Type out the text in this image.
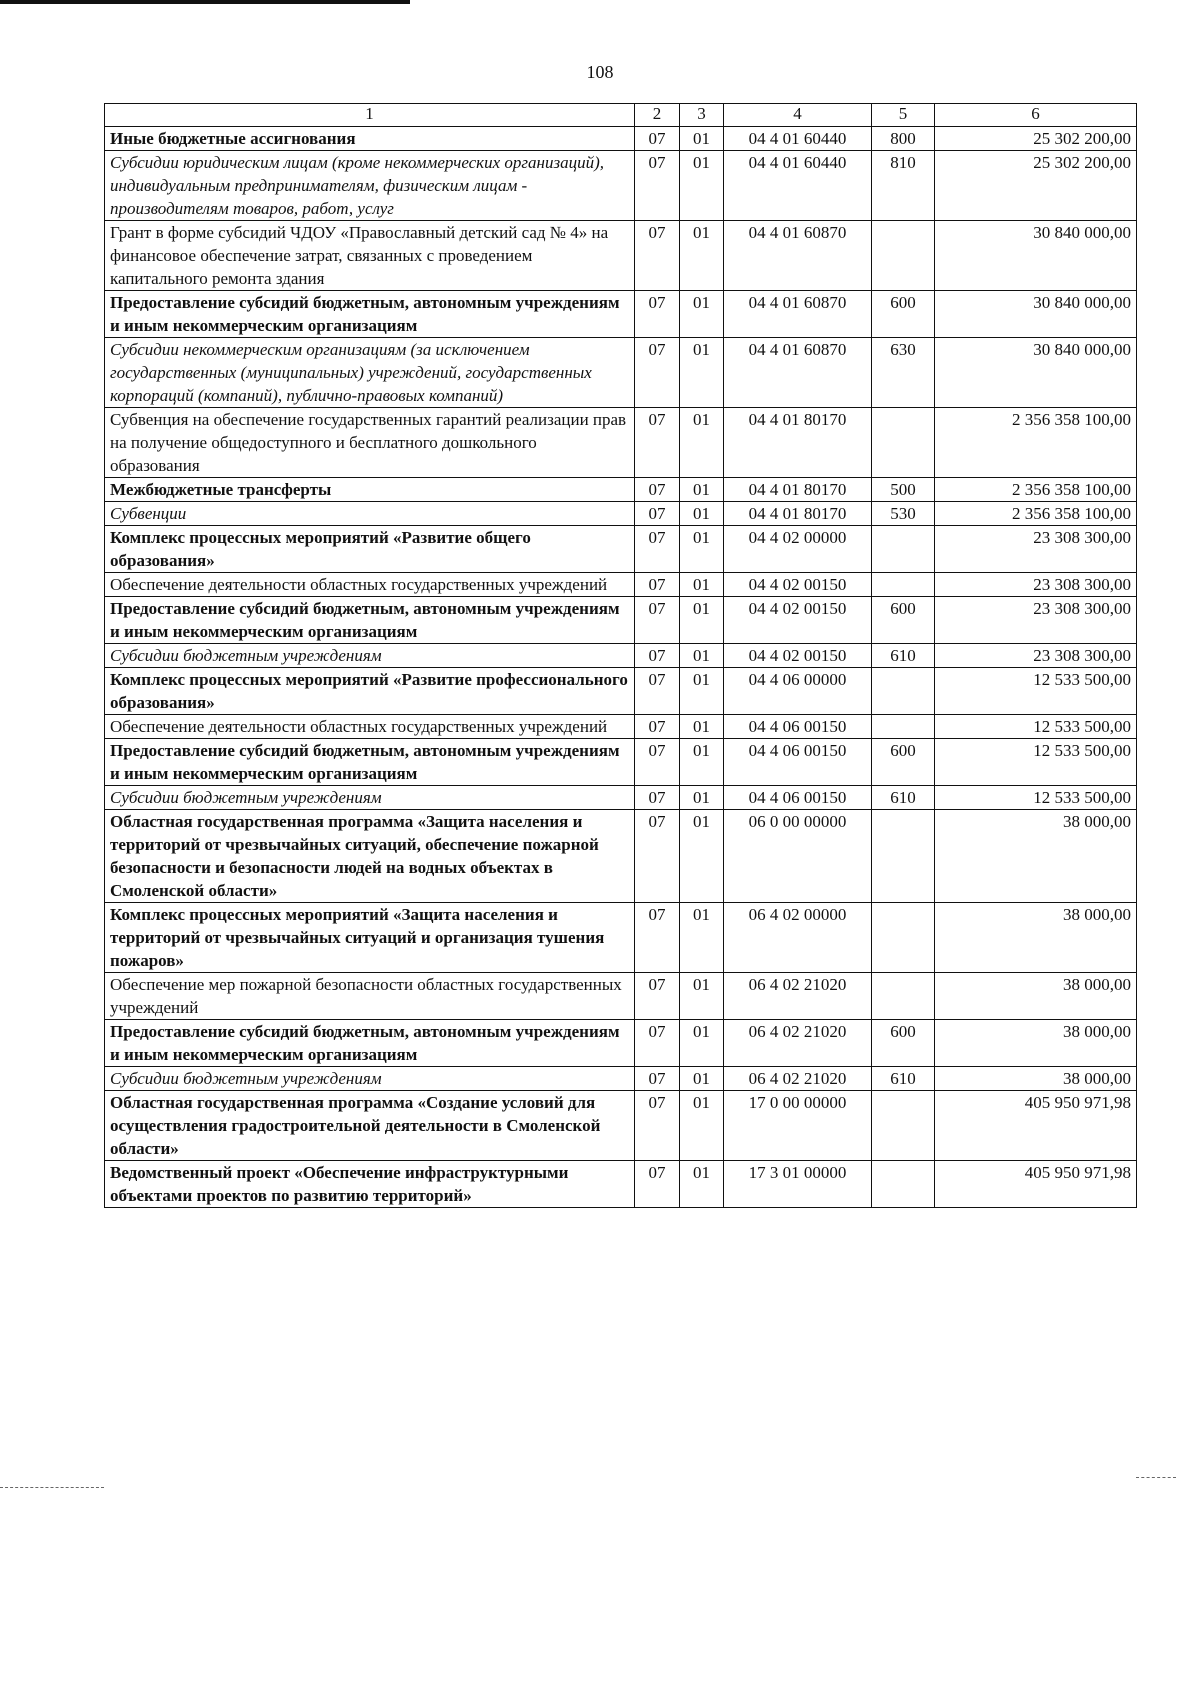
108
1	2	3	4	5	6
Иные бюджетные ассигнования	07	01	04 4 01 60440	800	25 302 200,00
Субсидии юридическим лицам (кроме некоммерческих организаций), индивидуальным предпринимателям, физическим лицам - производителям товаров, работ, услуг	07	01	04 4 01 60440	810	25 302 200,00
Грант в форме субсидий ЧДОУ «Православный детский сад № 4» на финансовое обеспечение затрат, связанных с проведением капитального ремонта здания	07	01	04 4 01 60870		30 840 000,00
Предоставление субсидий бюджетным, автономным учреждениям и иным некоммерческим организациям	07	01	04 4 01 60870	600	30 840 000,00
Субсидии некоммерческим организациям (за исключением государственных (муниципальных) учреждений, государственных корпораций (компаний), публично-правовых компаний)	07	01	04 4 01 60870	630	30 840 000,00
Субвенция на обеспечение государственных гарантий реализации прав на получение общедоступного и бесплатного дошкольного образования	07	01	04 4 01 80170		2 356 358 100,00
Межбюджетные трансферты	07	01	04 4 01 80170	500	2 356 358 100,00
Субвенции	07	01	04 4 01 80170	530	2 356 358 100,00
Комплекс процессных мероприятий «Развитие общего образования»	07	01	04 4 02 00000		23 308 300,00
Обеспечение деятельности областных государственных учреждений	07	01	04 4 02 00150		23 308 300,00
Предоставление субсидий бюджетным, автономным учреждениям и иным некоммерческим организациям	07	01	04 4 02 00150	600	23 308 300,00
Субсидии бюджетным учреждениям	07	01	04 4 02 00150	610	23 308 300,00
Комплекс процессных мероприятий «Развитие профессионального образования»	07	01	04 4 06 00000		12 533 500,00
Обеспечение деятельности областных государственных учреждений	07	01	04 4 06 00150		12 533 500,00
Предоставление субсидий бюджетным, автономным учреждениям и иным некоммерческим организациям	07	01	04 4 06 00150	600	12 533 500,00
Субсидии бюджетным учреждениям	07	01	04 4 06 00150	610	12 533 500,00
Областная государственная программа «Защита населения и территорий от чрезвычайных ситуаций, обеспечение пожарной безопасности и безопасности людей на водных объектах в Смоленской области»	07	01	06 0 00 00000		38 000,00
Комплекс процессных мероприятий «Защита населения и территорий от чрезвычайных ситуаций и организация тушения пожаров»	07	01	06 4 02 00000		38 000,00
Обеспечение мер пожарной безопасности областных государственных учреждений	07	01	06 4 02 21020		38 000,00
Предоставление субсидий бюджетным, автономным учреждениям и иным некоммерческим организациям	07	01	06 4 02 21020	600	38 000,00
Субсидии бюджетным учреждениям	07	01	06 4 02 21020	610	38 000,00
Областная государственная программа «Создание условий для осуществления градостроительной деятельности в Смоленской области»	07	01	17 0 00 00000		405 950 971,98
Ведомственный проект «Обеспечение инфраструктурными объектами проектов по развитию территорий»	07	01	17 3 01 00000		405 950 971,98
